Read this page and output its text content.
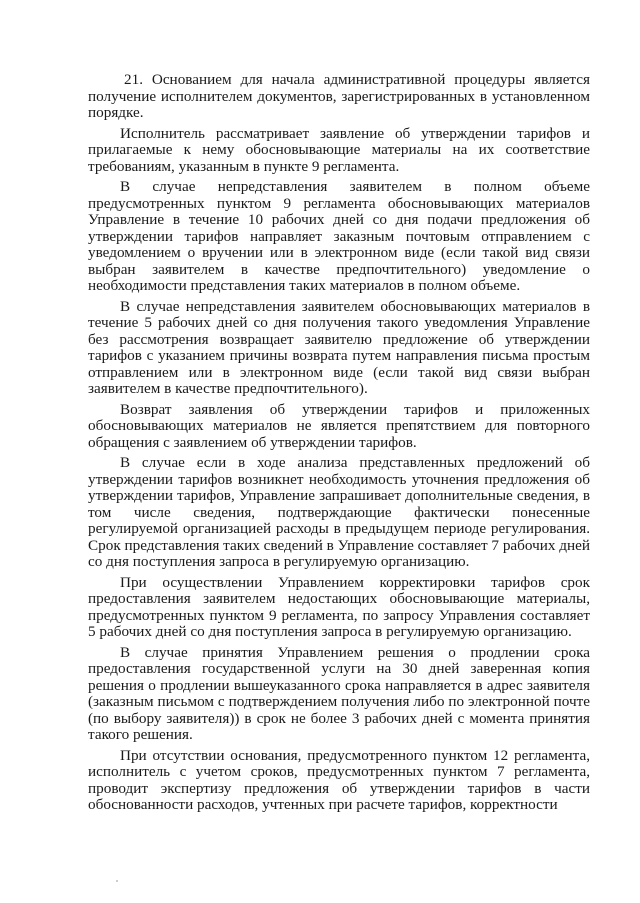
21. Основанием для начала административной процедуры является получение исполнителем документов, зарегистрированных в установленном порядке.

Исполнитель рассматривает заявление об утверждении тарифов и прилагаемые к нему обосновывающие материалы на их соответствие требованиям, указанным в пункте 9 регламента.

В случае непредставления заявителем в полном объеме предусмотренных пунктом 9 регламента обосновывающих материалов Управление в течение 10 рабочих дней со дня подачи предложения об утверждении тарифов направляет заказным почтовым отправлением с уведомлением о вручении или в электронном виде (если такой вид связи выбран заявителем в качестве предпочтительного) уведомление о необходимости представления таких материалов в полном объеме.

В случае непредставления заявителем обосновывающих материалов в течение 5 рабочих дней со дня получения такого уведомления Управление без рассмотрения возвращает заявителю предложение об утверждении тарифов с указанием причины возврата путем направления письма простым отправлением или в электронном виде (если такой вид связи выбран заявителем в качестве предпочтительного).

Возврат заявления об утверждении тарифов и приложенных обосновывающих материалов не является препятствием для повторного обращения с заявлением об утверждении тарифов.

В случае если в ходе анализа представленных предложений об утверждении тарифов возникнет необходимость уточнения предложения об утверждении тарифов, Управление запрашивает дополнительные сведения, в том числе сведения, подтверждающие фактически понесенные регулируемой организацией расходы в предыдущем периоде регулирования. Срок представления таких сведений в Управление составляет 7 рабочих дней со дня поступления запроса в регулируемую организацию.

При осуществлении Управлением корректировки тарифов срок предоставления заявителем недостающих обосновывающие материалы, предусмотренных пунктом 9 регламента, по запросу Управления составляет 5 рабочих дней со дня поступления запроса в регулируемую организацию.

В случае принятия Управлением решения о продлении срока предоставления государственной услуги на 30 дней заверенная копия решения о продлении вышеуказанного срока направляется в адрес заявителя (заказным письмом с подтверждением получения либо по электронной почте (по выбору заявителя)) в срок не более 3 рабочих дней с момента принятия такого решения.

При отсутствии основания, предусмотренного пунктом 12 регламента, исполнитель с учетом сроков, предусмотренных пунктом 7 регламента, проводит экспертизу предложения об утверждении тарифов в части обоснованности расходов, учтенных при расчете тарифов, корректности
